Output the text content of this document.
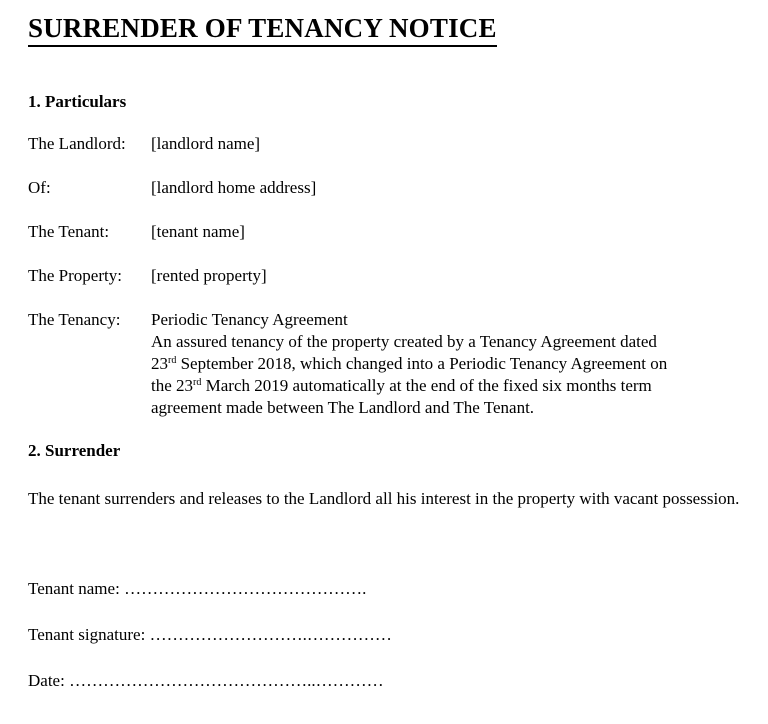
SURRENDER OF TENANCY NOTICE
1. Particulars
The Landlord:	[landlord name]
Of:	[landlord home address]
The Tenant:	[tenant name]
The Property:	[rented property]
The Tenancy:	Periodic Tenancy Agreement
An assured tenancy of the property created by a Tenancy Agreement dated
23rd September 2018, which changed into a Periodic Tenancy Agreement on
the 23rd March 2019 automatically at the end of the fixed six months term
agreement made between The Landlord and The Tenant.
2. Surrender

The tenant surrenders and releases to the Landlord all his interest in the property with vacant possession.

Tenant name: …………………………………….
Tenant signature: ……………………….……………
Date: ……………………………………..…………
